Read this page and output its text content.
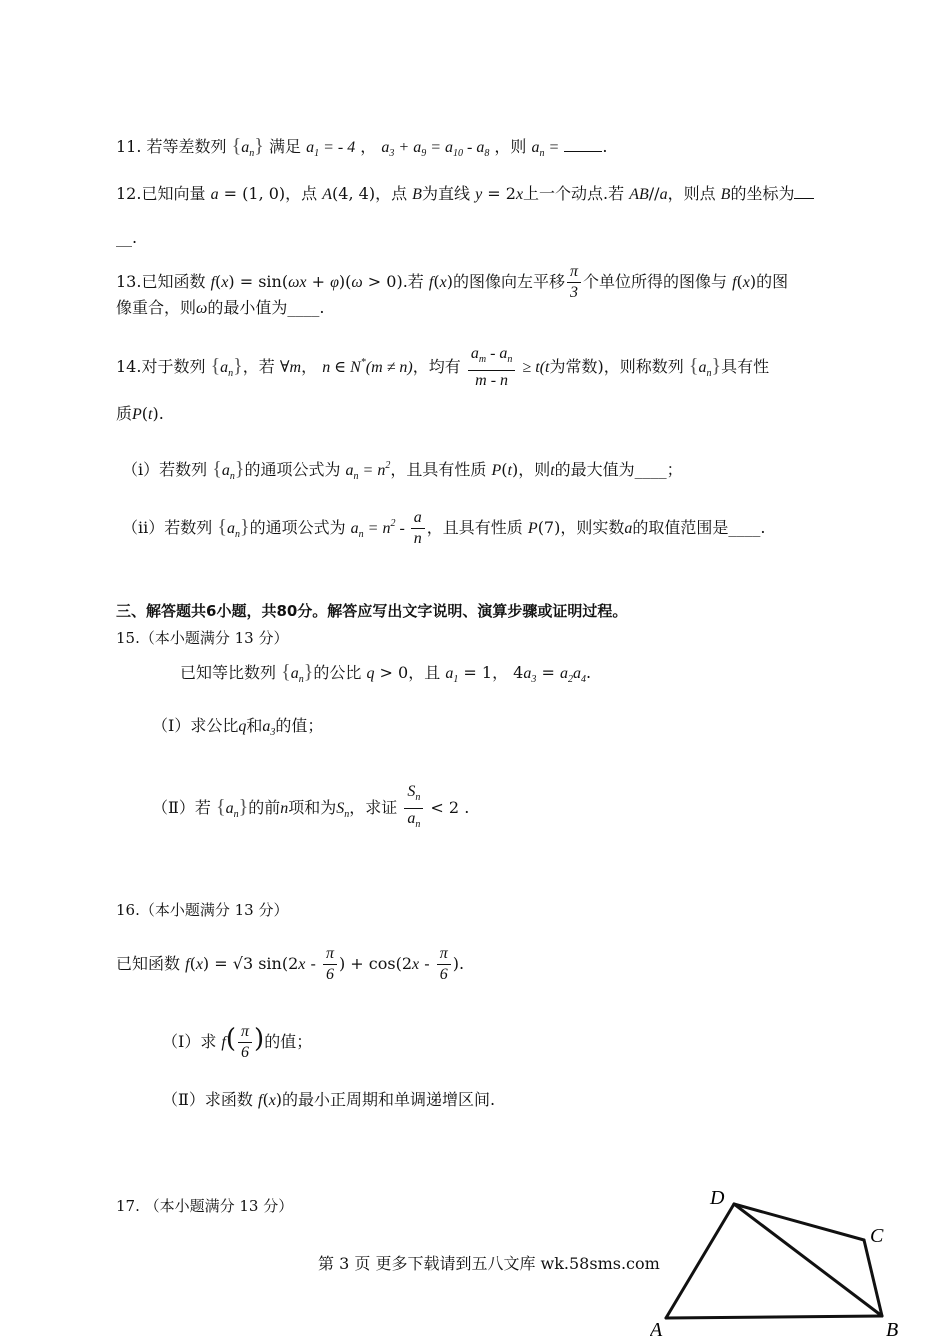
11. 若等差数列 $\{a_n\}$ 满足 $a_1$ = - 4 ， $a_3 + a_9 = a_{10} - a_8$ ，则 $a_n$ =	.
12.已知向量 a = (1, 0)，点 A(4, 4)，点 B为直线 y = 2x上一个动点.若 AB//a，则点 B的坐标为
__.
13.已知函数 f(x) = sin(ωx + φ)(ω > 0).若 f(x)的图像向左平移 $\frac{\pi}{3}$ 个单位所得的图像与 f(x)的图
像重合，则ω的最小值为____.
14.对于数列 $\{a_n\}$，若 ∀m， n ∈ N*(m ≠ n)，均有 $\frac{a_m - a_n}{m - n} \ge t(t$为常数)，则称数列 $\{a_n\}$具有性
质P(t).
（i）若数列 $\{a_n\}$的通项公式为 $a_n = n^2$，且具有性质 P(t)，则t的最大值为____；
（ii）若数列 $\{a_n\}$的通项公式为 $a_n = n^2 - \frac{a}{n}$ ，且具有性质 P(7)，则实数a的取值范围是____.
三、解答题共6小题，共80分。解答应写出文字说明、演算步骤或证明过程。
15.（本小题满分 13 分）
已知等比数列 $\{a_n\}$的公比 q > 0，且 $a_1 = 1$， $4a_3 = a_2a_4$.
（Ⅰ）求公比q和$a_3$的值；
（Ⅱ）若 $\{a_n\}$的前n项和为$S_n$，求证 $\frac{S_n}{a_n} < 2$ .
16.（本小题满分 13 分）
已知函数 f(x) = √3 $\sin(2x - \frac{\pi}{6}$ ) + $\cos(2x - \frac{\pi}{6}$ ).
（Ⅰ）求 $f( \frac{\pi}{6}$ )的值；
（Ⅱ）求函数 f(x)的最小正周期和单调递增区间.
17. （本小题满分 13 分）
第 3 页 更多下载请到五八文库 wk.58sms.com
D
C
A	B
